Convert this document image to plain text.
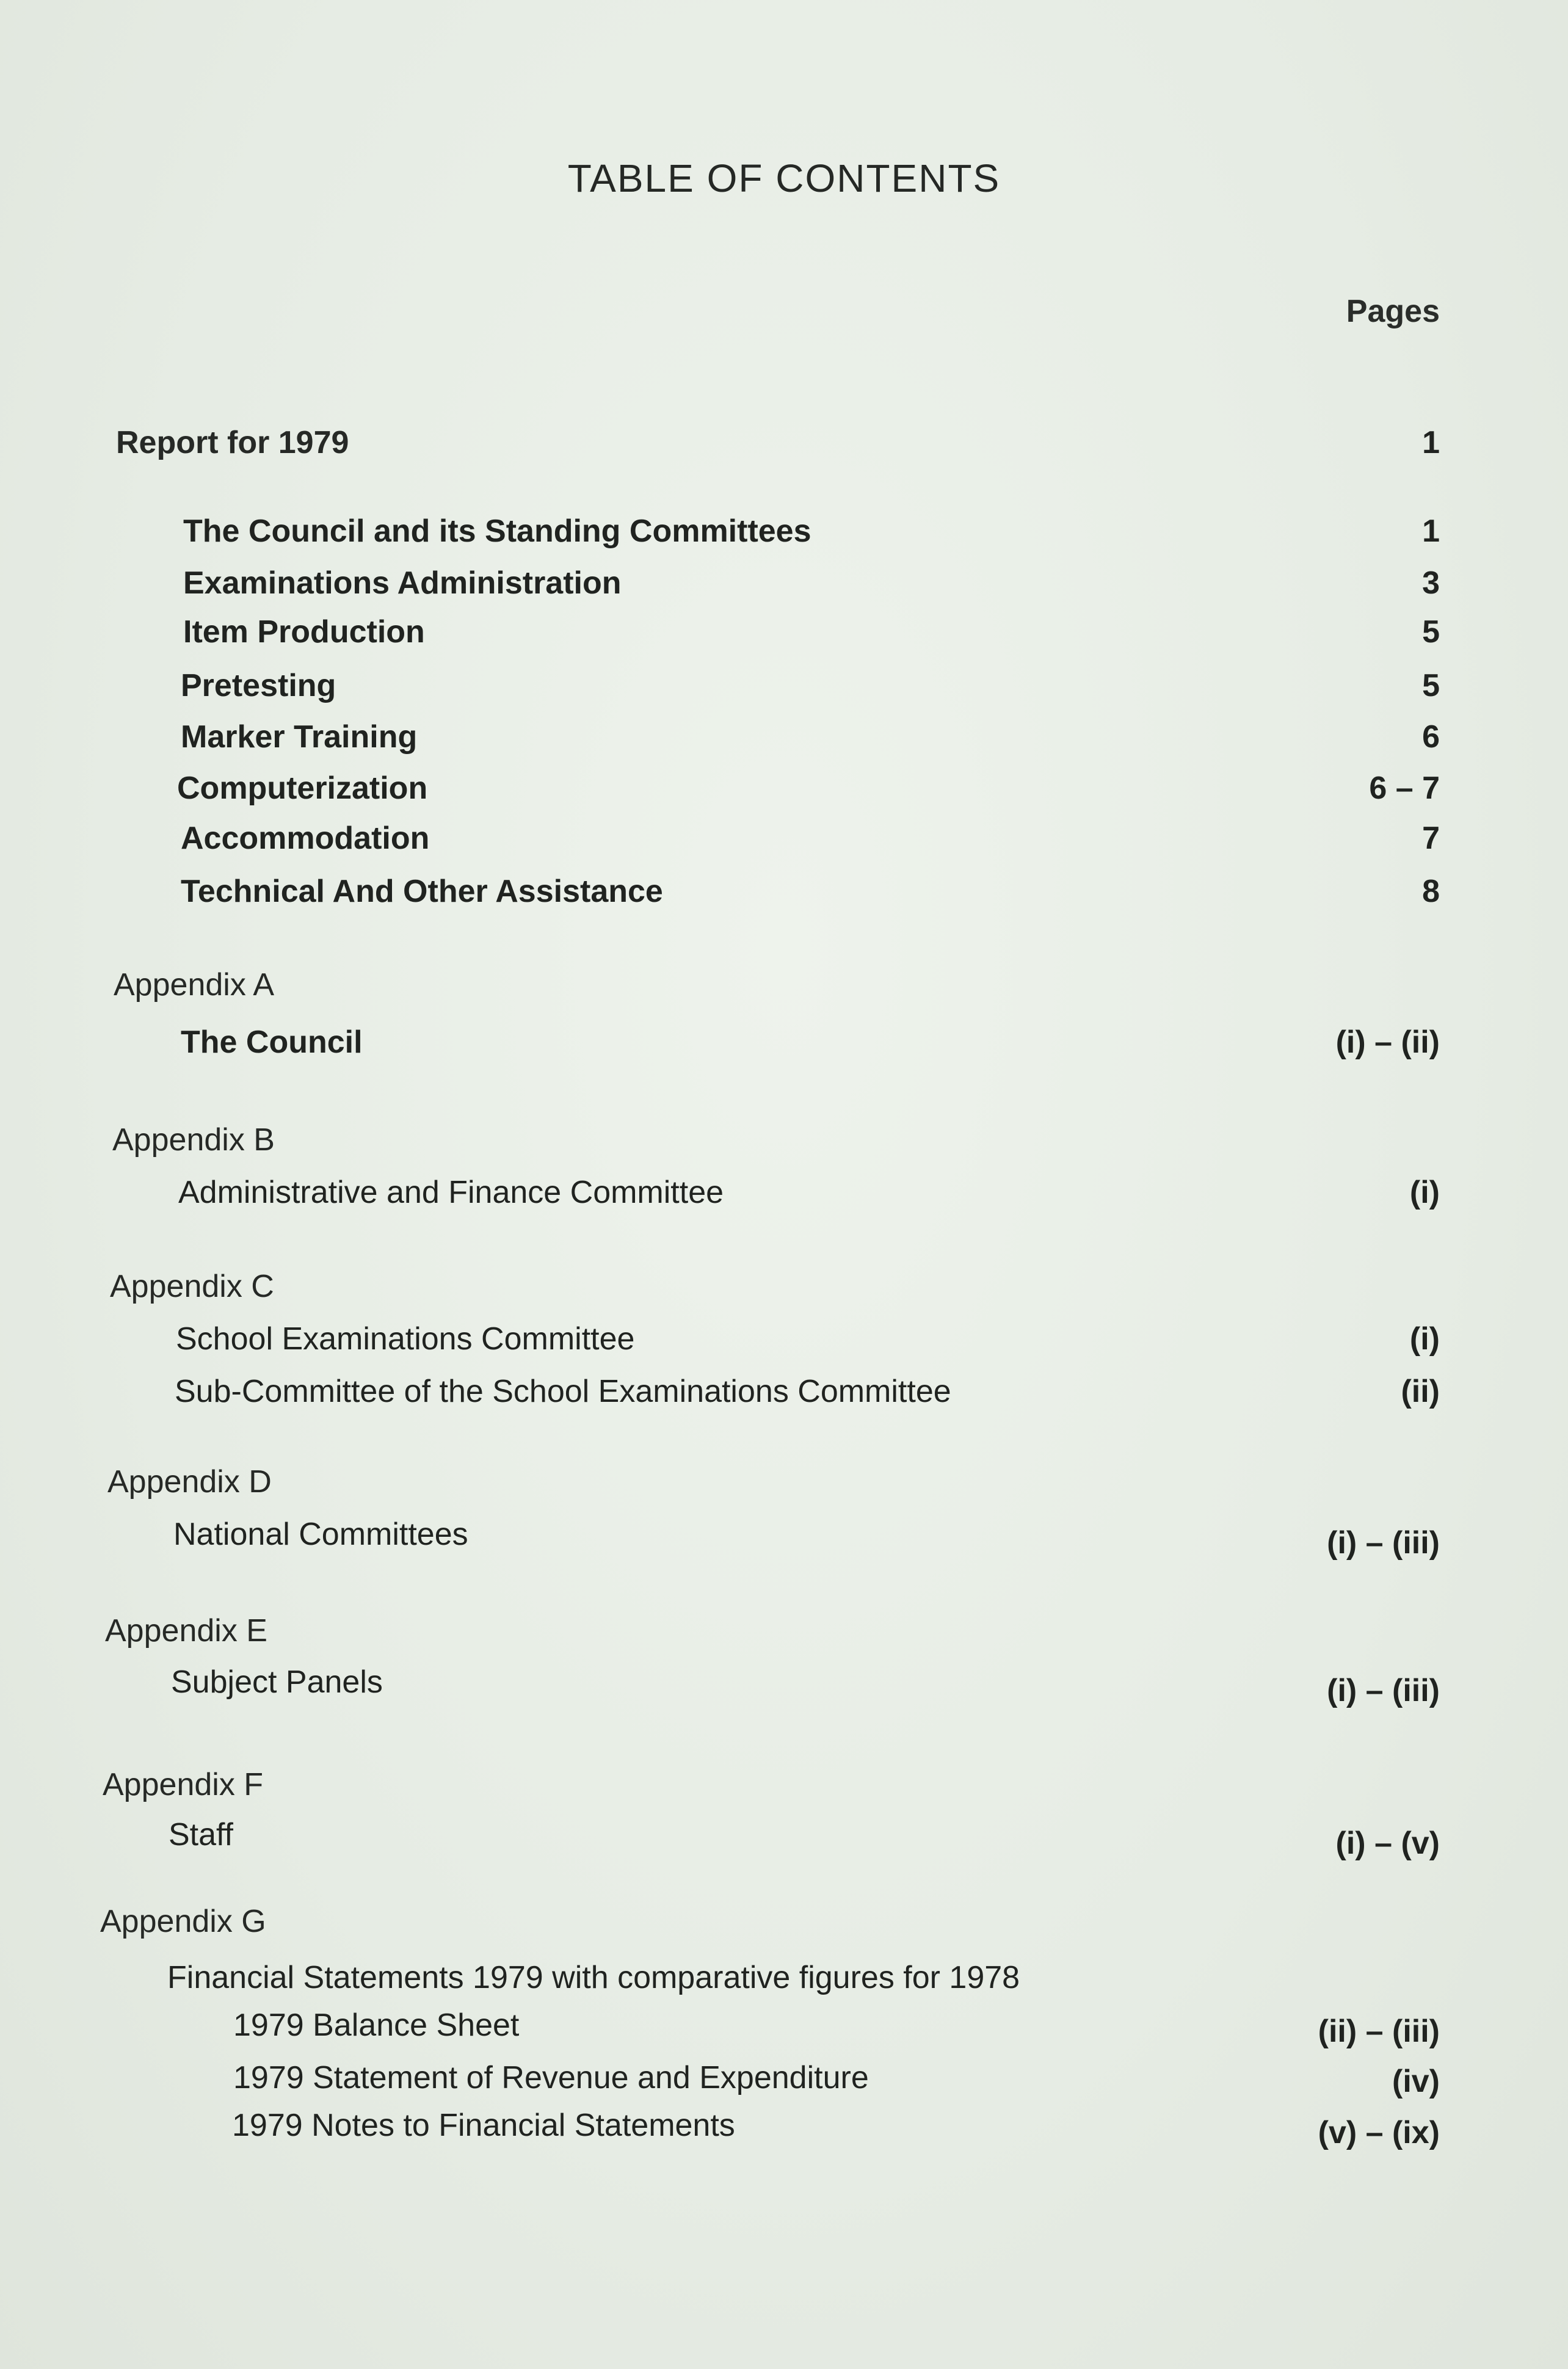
TABLE OF CONTENTS
Pages
Report for 1979	1
The Council and its Standing Committees	1
Examinations Administration	3
Item Production	5
Pretesting	5
Marker Training	6
Computerization	6 – 7
Accommodation	7
Technical And Other Assistance	8
Appendix A
The Council	(i) – (ii)
Appendix B
Administrative and Finance Committee	(i)
Appendix C
School Examinations Committee	(i)
Sub-Committee of the School Examinations Committee	(ii)
Appendix D
National Committees	(i) – (iii)
Appendix E
Subject Panels	(i) – (iii)
Appendix F
Staff	(i) – (v)
Appendix G
Financial Statements 1979 with comparative figures for 1978
1979 Balance Sheet	(ii) – (iii)
1979 Statement of Revenue and Expenditure	(iv)
1979 Notes to Financial Statements	(v) – (ix)
